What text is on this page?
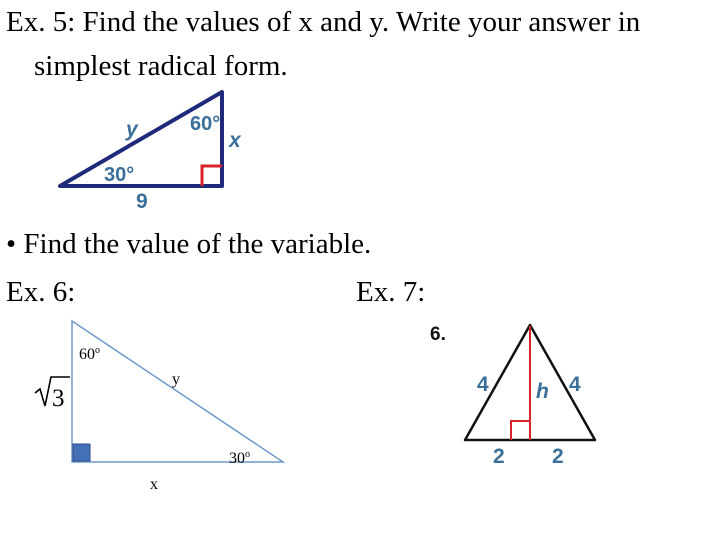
Ex. 5: Find the values of x and y. Write your answer in
simplest radical form.
• Find the value of the variable.
Ex. 6:	Ex. 7:
y	60°
x
30°
9
60$^o$
y
3
30$^o$
x
6.
4 h 4
2 2
